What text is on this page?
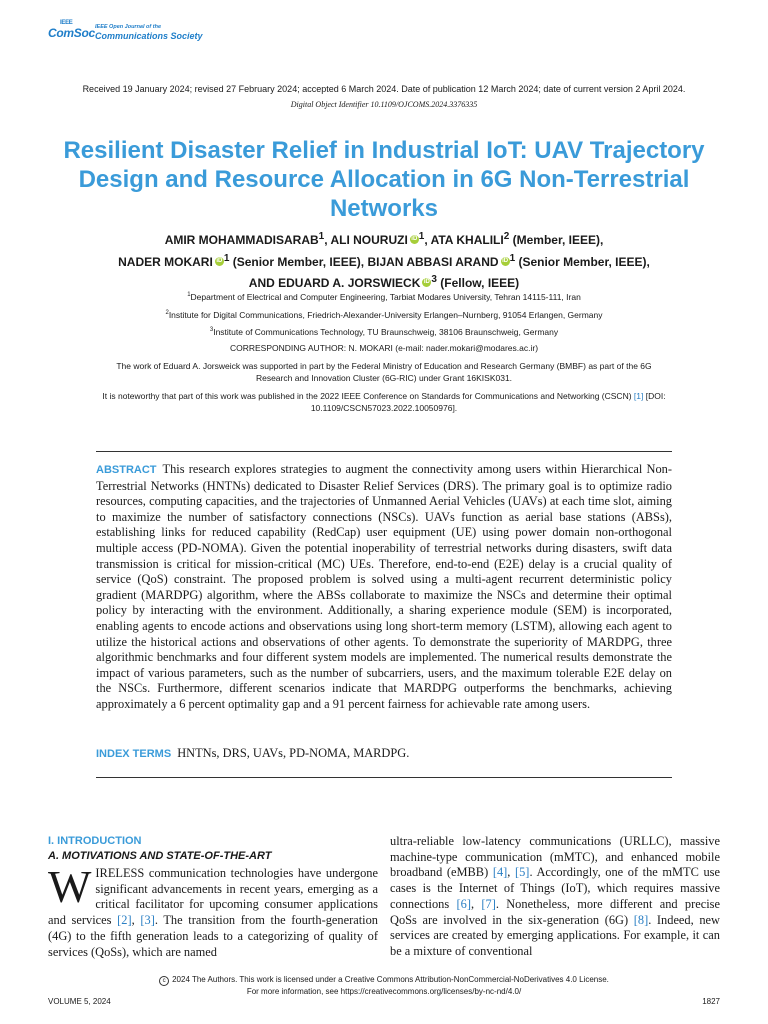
IEEE
ComSoc IEEE Open Journal of the
Communications Society
Received 19 January 2024; revised 27 February 2024; accepted 6 March 2024. Date of publication 12 March 2024; date of current version 2 April 2024.
Digital Object Identifier 10.1109/OJCOMS.2024.3376335
Resilient Disaster Relief in Industrial IoT: UAV Trajectory Design and Resource Allocation in 6G Non-Terrestrial Networks
AMIR MOHAMMADISARAB$^1$, ALI NOURUZI iD $^1$, ATA KHALILI$^2$ (Member, IEEE),
NADER MOKARI iD $^1$ (Senior Member, IEEE), BIJAN ABBASI ARAND iD $^1$ (Senior Member, IEEE),
AND EDUARD A. JORSWIECK iD $^3$ (Fellow, IEEE)
$^1$Department of Electrical and Computer Engineering, Tarbiat Modares University, Tehran 14115-111, Iran
$^2$Institute for Digital Communications, Friedrich-Alexander-University Erlangen–Nurnberg, 91054 Erlangen, Germany
$^3$Institute of Communications Technology, TU Braunschweig, 38106 Braunschweig, Germany
CORRESPONDING AUTHOR: N. MOKARI (e-mail: nader.mokari@modares.ac.ir)
The work of Eduard A. Jorsweick was supported in part by the Federal Ministry of Education and Research Germany (BMBF) as part of the 6G Research and Innovation Cluster (6G-RIC) under Grant 16KISK031.
It is noteworthy that part of this work was published in the 2022 IEEE Conference on Standards for Communications and Networking (CSCN) [1] [DOI: 10.1109/CSCN57023.2022.10050976].
ABSTRACT This research explores strategies to augment the connectivity among users within Hierarchical Non-Terrestrial Networks (HNTNs) dedicated to Disaster Relief Services (DRS). The primary goal is to optimize radio resources, computing capacities, and the trajectories of Unmanned Aerial Vehicles (UAVs) at each time slot, aiming to maximize the number of satisfactory connections (NSCs). UAVs function as aerial base stations (ABSs), establishing links for reduced capability (RedCap) user equipment (UE) using power domain non-orthogonal multiple access (PD-NOMA). Given the potential inoperability of terrestrial networks during disasters, swift data transmission is critical for mission-critical (MC) UEs. Therefore, end-to-end (E2E) delay is a crucial quality of service (QoS) constraint. The proposed problem is solved using a multi-agent recurrent deterministic policy gradient (MARDPG) algorithm, where the ABSs collaborate to maximize the NSCs and determine their optimal policy by interacting with the environment. Additionally, a sharing experience module (SEM) is incorporated, enabling agents to encode actions and observations using long short-term memory (LSTM), allowing each agent to utilize the historical actions and observations of other agents. To demonstrate the superiority of MARDPG, three algorithmic benchmarks and four different system models are implemented. The numerical results demonstrate the impact of various parameters, such as the number of subcarriers, users, and the maximum tolerable E2E delay on the NSCs. Furthermore, different scenarios indicate that MARDPG outperforms the benchmarks, achieving approximately a 6 percent optimality gap and a 91 percent fairness for achievable rate among users.
INDEX TERMS HNTNs, DRS, UAVs, PD-NOMA, MARDPG.
I. INTRODUCTION
A. MOTIVATIONS AND STATE-OF-THE-ART
WIRELESS communication technologies have undergone significant advancements in recent years, emerging as a critical facilitator for upcoming consumer applications and services [2], [3]. The transition from the fourth-generation (4G) to the fifth generation leads to a categorizing of quality of services (QoSs), which are named
ultra-reliable low-latency communications (URLLC), massive machine-type communication (mMTC), and enhanced mobile broadband (eMBB) [4], [5]. Accordingly, one of the mMTC use cases is the Internet of Things (IoT), which requires massive connections [6], [7]. Nonetheless, more different and precise QoSs are involved in the six-generation (6G) [8]. Indeed, new services are created by emerging applications. For example, it can be a mixture of conventional
c 2024 The Authors. This work is licensed under a Creative Commons Attribution-NonCommercial-NoDerivatives 4.0 License.
For more information, see https://creativecommons.org/licenses/by-nc-nd/4.0/
VOLUME 5, 2024	1827
